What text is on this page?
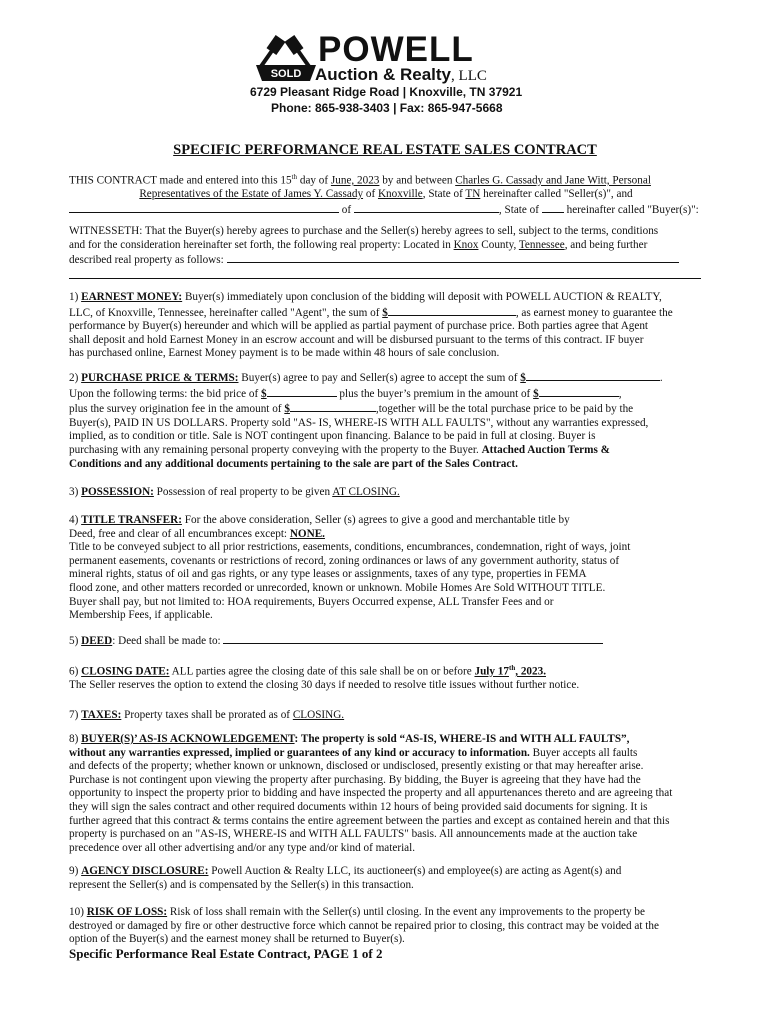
SOLD
POWELL
Auction & Realty, LLC
6729 Pleasant Ridge Road | Knoxville, TN 37921
Phone: 865-938-3403 | Fax: 865-947-5668
SPECIFIC PERFORMANCE REAL ESTATE SALES CONTRACT

THIS CONTRACT made and entered into this 15th day of June, 2023 by and between Charles G. Cassady and Jane Witt, Personal

Representatives of the Estate of James Y. Cassady of Knoxville, State of TN hereinafter called "Seller(s)", and

of	, State of  hereinafter called "Buyer(s)":

WITNESSETH: That the Buyer(s) hereby agrees to purchase and the Seller(s) hereby agrees to sell, subject to the terms, conditions

and for the consideration hereinafter set forth, the following real property: Located in Knox County, Tennessee, and being further

described real property as follows:

1) EARNEST MONEY: Buyer(s) immediately upon conclusion of the bidding will deposit with POWELL AUCTION & REALTY,

LLC, of Knoxville, Tennessee, hereinafter called "Agent", the sum of $	, as earnest money to guarantee the

performance by Buyer(s) hereunder and which will be applied as partial payment of purchase price. Both parties agree that Agent

shall deposit and hold Earnest Money in an escrow account and will be disbursed pursuant to the terms of this contract. IF buyer

has purchased online, Earnest Money payment is to be made within 48 hours of sale conclusion.

2) PURCHASE PRICE & TERMS: Buyer(s) agree to pay and Seller(s) agree to accept the sum of $	.

Upon the following terms: the bid price of $	plus the buyer’s premium in the amount of $	,

plus the survey origination fee in the amount of $	,together will be the total purchase price to be paid by the

Buyer(s), PAID IN US DOLLARS. Property sold "AS- IS, WHERE-IS WITH ALL FAULTS", without any warranties expressed,

implied, as to condition or title. Sale is NOT contingent upon financing. Balance to be paid in full at closing. Buyer is

purchasing with any remaining personal property conveying with the property to the Buyer. Attached Auction Terms &

Conditions and any additional documents pertaining to the sale are part of the Sales Contract.

3) POSSESSION: Possession of real property to be given AT CLOSING.

4) TITLE TRANSFER: For the above consideration, Seller (s) agrees to give a good and merchantable title by

Deed, free and clear of all encumbrances except: NONE.

Title to be conveyed subject to all prior restrictions, easements, conditions, encumbrances, condemnation, right of ways, joint

permanent easements, covenants or restrictions of record, zoning ordinances or laws of any government authority, status of

mineral rights, status of oil and gas rights, or any type leases or assignments, taxes of any type, properties in FEMA

flood zone, and other matters recorded or unrecorded, known or unknown. Mobile Homes Are Sold WITHOUT TITLE.

Buyer shall pay, but not limited to: HOA requirements, Buyers Occurred expense, ALL Transfer Fees and or

Membership Fees, if applicable.

5) DEED: Deed shall be made to:

6) CLOSING DATE: ALL parties agree the closing date of this sale shall be on or before July 17th, 2023.

The Seller reserves the option to extend the closing 30 days if needed to resolve title issues without further notice.

7) TAXES: Property taxes shall be prorated as of CLOSING.

8) BUYER(S)’ AS-IS ACKNOWLEDGEMENT: The property is sold “AS-IS, WHERE-IS and WITH ALL FAULTS”,

without any warranties expressed, implied or guarantees of any kind or accuracy to information. Buyer accepts all faults

and defects of the property; whether known or unknown, disclosed or undisclosed, presently existing or that may hereafter arise.

Purchase is not contingent upon viewing the property after purchasing. By bidding, the Buyer is agreeing that they have had the

opportunity to inspect the property prior to bidding and have inspected the property and all appurtenances thereto and are agreeing that

they will sign the sales contract and other required documents within 12 hours of being provided said documents for signing. It is

further agreed that this contract & terms contains the entire agreement between the parties and except as contained herein and that this

property is purchased on an "AS-IS, WHERE-IS and WITH ALL FAULTS" basis. All announcements made at the auction take

precedence over all other advertising and/or any type and/or kind of material.

9) AGENCY DISCLOSURE: Powell Auction & Realty LLC, its auctioneer(s) and employee(s) are acting as Agent(s) and

represent the Seller(s) and is compensated by the Seller(s) in this transaction.

10) RISK OF LOSS: Risk of loss shall remain with the Seller(s) until closing. In the event any improvements to the property be

destroyed or damaged by fire or other destructive force which cannot be repaired prior to closing, this contract may be voided at the

option of the Buyer(s) and the earnest money shall be returned to Buyer(s).

Specific Performance Real Estate Contract, PAGE 1 of 2
